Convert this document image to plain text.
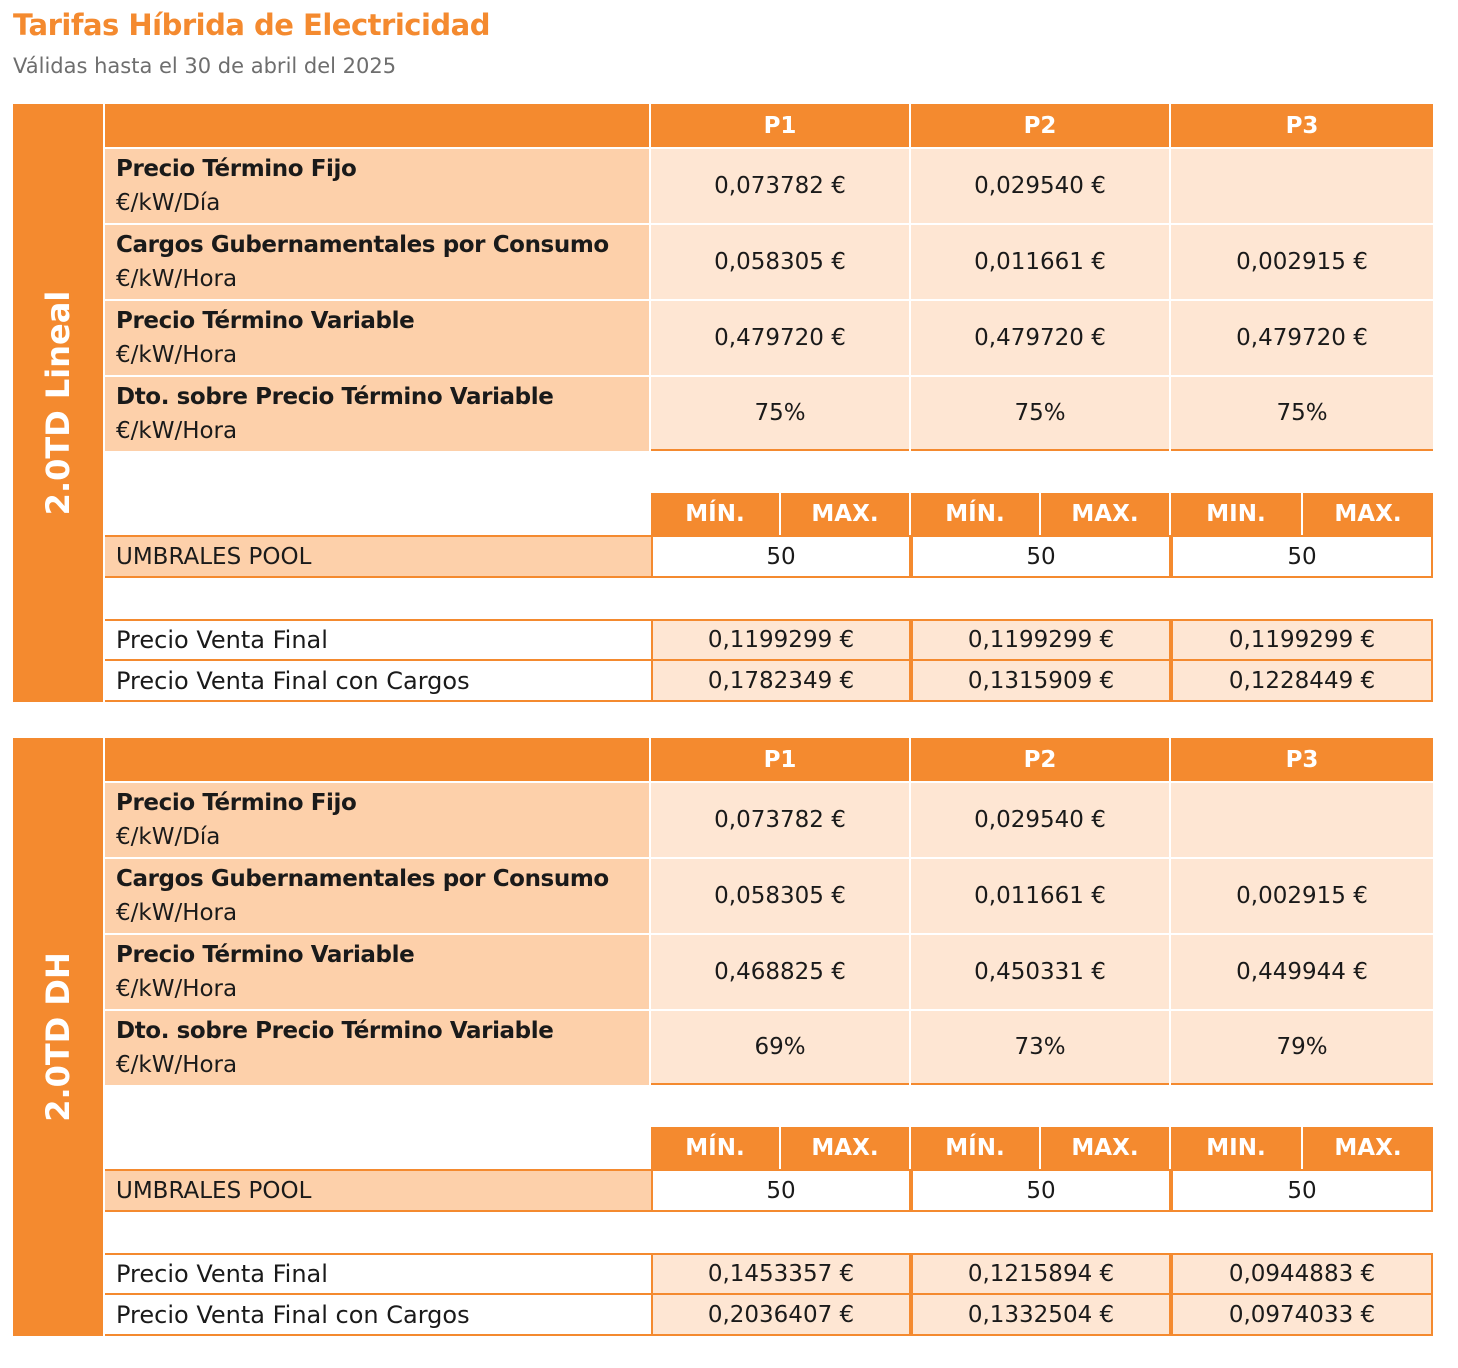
Tarifas Híbrida de Electricidad
Válidas hasta el 30 de abril del 2025
2.0TD Lineal
P1	P2	P3
Precio Término Fijo
€/kW/Día
0,073782 €	0,029540 €
Cargos Gubernamentales por Consumo
€/kW/Hora
0,058305 €	0,011661 €	0,002915 €
Precio Término Variable
€/kW/Hora
0,479720 €	0,479720 €	0,479720 €
Dto. sobre Precio Término Variable
€/kW/Hora
75%	75%	75%
MÍN.	MAX.	MÍN.	MAX.	MIN.	MAX.
UMBRALES POOL	50	50	50
Precio Venta Final	0,1199299 €	0,1199299 €	0,1199299 €
Precio Venta Final con Cargos	0,1782349 €	0,1315909 €	0,1228449 €
2.0TD DH
P1	P2	P3
Precio Término Fijo
€/kW/Día
0,073782 €	0,029540 €
Cargos Gubernamentales por Consumo
€/kW/Hora
0,058305 €	0,011661 €	0,002915 €
Precio Término Variable
€/kW/Hora
0,468825 €	0,450331 €	0,449944 €
Dto. sobre Precio Término Variable
€/kW/Hora
69%	73%	79%
MÍN.	MAX.	MÍN.	MAX.	MIN.	MAX.
UMBRALES POOL	50	50	50
Precio Venta Final	0,1453357 €	0,1215894 €	0,0944883 €
Precio Venta Final con Cargos	0,2036407 €	0,1332504 €	0,0974033 €
